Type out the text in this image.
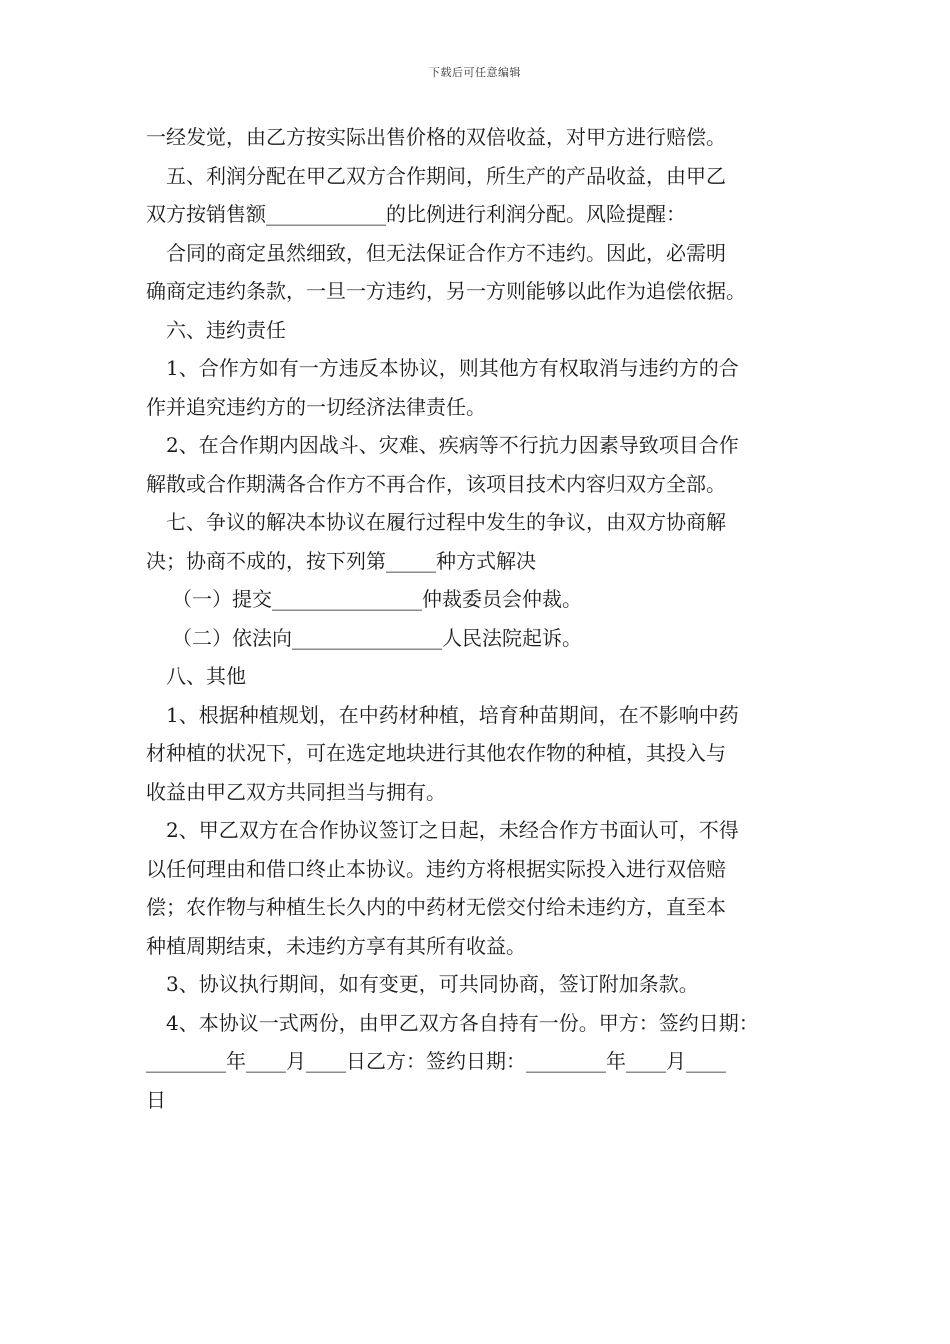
下载后可任意编辑
一经发觉，由乙方按实际出售价格的双倍收益，对甲方进行赔偿。
五、利润分配在甲乙双方合作期间，所生产的产品收益，由甲乙
双方按销售额____________的比例进行利润分配。风险提醒：
合同的商定虽然细致，但无法保证合作方不违约。因此，必需明
确商定违约条款，一旦一方违约，另一方则能够以此作为追偿依据。
六、违约责任
1、合作方如有一方违反本协议，则其他方有权取消与违约方的合
作并追究违约方的一切经济法律责任。
2、在合作期内因战斗、灾难、疾病等不行抗力因素导致项目合作
解散或合作期满各合作方不再合作，该项目技术内容归双方全部。
七、争议的解决本协议在履行过程中发生的争议，由双方协商解
决；协商不成的，按下列第_____种方式解决
（一）提交_______________仲裁委员会仲裁。
（二）依法向_______________人民法院起诉。
八、其他
1、根据种植规划，在中药材种植，培育种苗期间，在不影响中药
材种植的状况下，可在选定地块进行其他农作物的种植，其投入与
收益由甲乙双方共同担当与拥有。
2、甲乙双方在合作协议签订之日起，未经合作方书面认可，不得
以任何理由和借口终止本协议。违约方将根据实际投入进行双倍赔
偿；农作物与种植生长久内的中药材无偿交付给未违约方，直至本
种植周期结束，未违约方享有其所有收益。
3、协议执行期间，如有变更，可共同协商，签订附加条款。
4、本协议一式两份，由甲乙双方各自持有一份。甲方：签约日期：
________年____月____日乙方：签约日期：________年____月____
日
